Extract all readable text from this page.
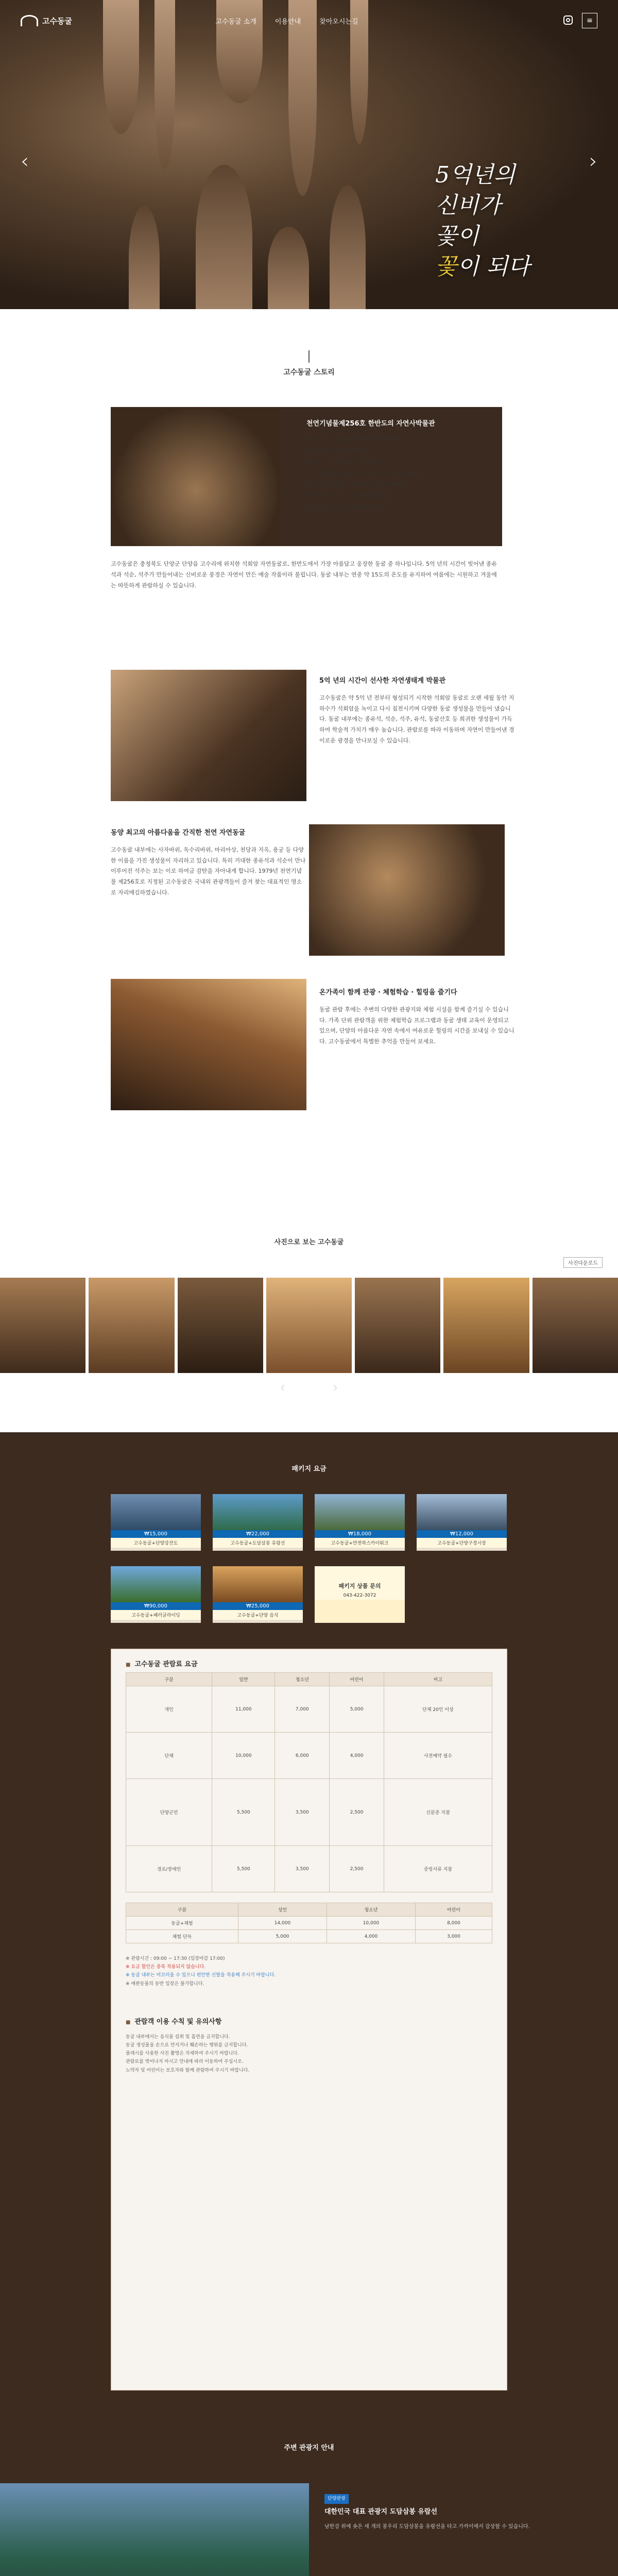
‹	›
5억년의
신비가
꽃이
꽃이 되다
고수동굴	고수동굴 소개	이용안내	찾아오시는길	≡
고수동굴 스토리
천연기념물제256호 한반도의 자연사박물관
동굴 길이 : 1,395m (관람구간 940m)
동굴 면적 : 약 7,240m²
형성 시기 : 약 5억 ~ 2억 년 전
주요 생성물 : 종유석, 석순, 석주, 유석, 동굴산호
특이 서식 생물 : 고수털진드기 등 25종
천연기념물 지정 : 1979년 6월 6일
관람 소요 시간 : 약 40 ~ 60분
고수동굴은 충청북도 단양군 단양읍 고수리에 위치한 석회암 자연동굴로, 한반도에서 가장 아름답고 웅장한 동굴 중 하나입니다. 5억 년의 시간이 빚어낸 종유석과 석순, 석주가 만들어내는 신비로운 풍경은 자연이 만든 예술 작품이라 불립니다. 동굴 내부는 연중 약 15도의 온도를 유지하여 여름에는 시원하고 겨울에는 따뜻하게 관람하실 수 있습니다.
5억 년의 시간이 선사한 자연생태계 박물관
고수동굴은 약 5억 년 전부터 형성되기 시작한 석회암 동굴로 오랜 세월 동안 지하수가 석회암을 녹이고 다시 침전시키며 다양한 동굴 생성물을 만들어 냈습니다. 동굴 내부에는 종유석, 석순, 석주, 유석, 동굴산호 등 희귀한 생성물이 가득하여 학술적 가치가 매우 높습니다. 관람로를 따라 이동하며 자연이 만들어낸 경이로운 광경을 만나보실 수 있습니다.
동양 최고의 아름다움을 간직한 천연 자연동굴
고수동굴 내부에는 사자바위, 독수리바위, 마리아상, 천당과 지옥, 용궁 등 다양한 이름을 가진 생성물이 자리하고 있습니다. 특히 거대한 종유석과 석순이 만나 이루어진 석주는 보는 이로 하여금 감탄을 자아내게 합니다. 1979년 천연기념물 제256호로 지정된 고수동굴은 국내외 관광객들이 즐겨 찾는 대표적인 명소로 자리매김하였습니다.
온가족이 함께 관광 · 체험학습 · 힐링을 즐기다
동굴 관람 후에는 주변의 다양한 관광지와 체험 시설을 함께 즐기실 수 있습니다. 가족 단위 관람객을 위한 체험학습 프로그램과 동굴 생태 교육이 운영되고 있으며, 단양의 아름다운 자연 속에서 여유로운 힐링의 시간을 보내실 수 있습니다. 고수동굴에서 특별한 추억을 만들어 보세요.
사진으로 보는 고수동굴
사진다운로드
〈	〉
패키지 요금
₩15,000
고수동굴+단양강잔도
₩22,000
고수동굴+도담삼봉 유람선
₩18,000
고수동굴+만천하스카이워크
₩12,000
고수동굴+단양구경시장
₩90,000
고수동굴+패러글라이딩
₩25,000
고수동굴+단양 음식
패키지 상품 문의
043-422-3072
■ 고수동굴 관람료 요금
구분	일반	청소년	어린이	비고
개인	11,000	7,000	5,000	단체 20인 이상
단체	10,000	6,000	4,000	사전예약 필수
단양군민	5,500	3,500	2,500	신분증 지참
경로/장애인	5,500	3,500	2,500	증빙서류 지참
구분	성인	청소년	어린이
동굴+체험	14,000	10,000	8,000
체험 단독	5,000	4,000	3,000
※ 관람시간 : 09:00 ~ 17:30 (입장마감 17:00)
※ 요금 할인은 중복 적용되지 않습니다.
※ 동굴 내부는 미끄러울 수 있으니 편안한 신발을 착용해 주시기 바랍니다.
※ 애완동물의 동반 입장은 불가합니다.
■ 관람객 이용 수칙 및 유의사항
동굴 내부에서는 음식물 섭취 및 흡연을 금지합니다.
동굴 생성물을 손으로 만지거나 훼손하는 행위를 금지합니다.
플래시를 사용한 사진 촬영은 자제하여 주시기 바랍니다.
관람로를 벗어나지 마시고 안내에 따라 이동하여 주십시오.
노약자 및 어린이는 보호자와 함께 관람하여 주시기 바랍니다.
주변 관광지 안내
단양관광
대한민국 대표 관광지 도담삼봉 유람선
남한강 위에 솟은 세 개의 봉우리 도담삼봉을 유람선을 타고 가까이에서 감상할 수 있습니다.
